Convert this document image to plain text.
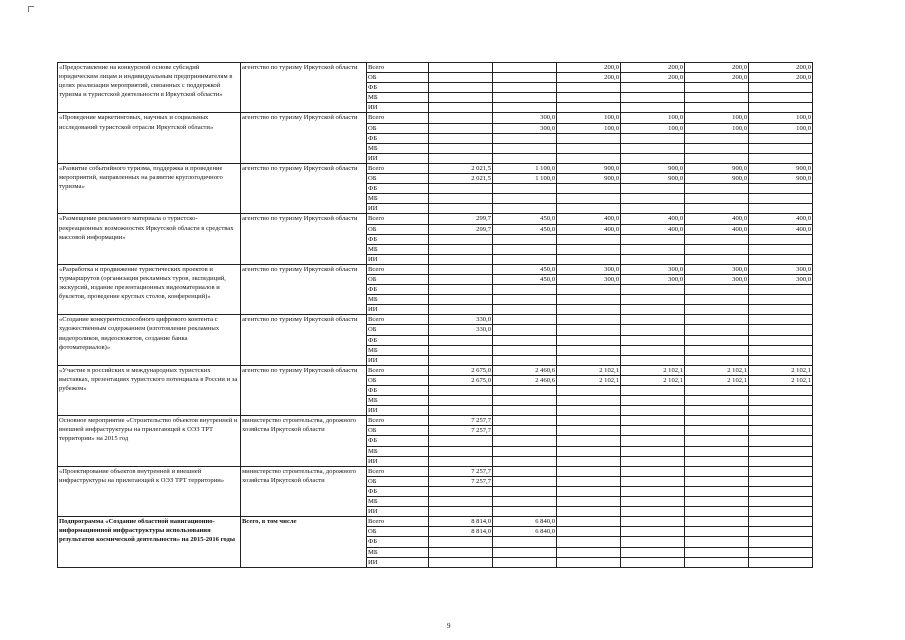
«Предоставление на конкурсной основе субсидий юридическим лицам и индивидуальным предпринимателям в целях реализации мероприятий, связанных с поддержкой туризма и туристской деятельности в Иркутской области»	агентство по туризму Иркутской области	Всего			200,0	200,0	200,0	200,0
		ОБ			200,0	200,0	200,0	200,0
		ФБ						
		МБ						
		ИИ						
«Проведение маркетинговых, научных и социальных исследований туристской отрасли Иркутской области»	агентство по туризму Иркутской области	Всего		300,0	100,0	100,0	100,0	100,0
		ОБ		300,0	100,0	100,0	100,0	100,0
		ФБ						
		МБ						
		ИИ						
«Развитие событийного туризма, поддержка и проведение мероприятий, направленных на развитие круглогодичного туризма»	агентство по туризму Иркутской области	Всего	2 021,5	1 100,0	900,0	900,0	900,0	900,0
		ОБ	2 021,5	1 100,0	900,0	900,0	900,0	900,0
		ФБ						
		МБ						
		ИИ						
«Размещение рекламного материала о туристско-рекреационных возможностях Иркутской области в средствах массовой информации»	агентство по туризму Иркутской области	Всего	299,7	450,0	400,0	400,0	400,0	400,0
		ОБ	299,7	450,0	400,0	400,0	400,0	400,0
		ФБ						
		МБ						
		ИИ						
«Разработка и продвижение туристических проектов и турмаршрутов (организация рекламных туров, экспедиций, экскурсий, издание презентационных видеоматериалов и буклетов, проведение круглых столов, конференций)»	агентство по туризму Иркутской области	Всего		450,0	300,0	300,0	300,0	300,0
		ОБ		450,0	300,0	300,0	300,0	300,0
		ФБ						
		МБ						
		ИИ						
«Создание конкурентоспособного цифрового контента с художественным содержанием (изготовление рекламных видеороликов, видеосюжетов, создание банка фотоматериалов)»	агентство по туризму Иркутской области	Всего	330,0					
		ОБ	330,0					
		ФБ						
		МБ						
		ИИ						
«Участие в российских и международных туристских выставках, презентациях туристского потенциала в России и за рубежом»	агентство по туризму Иркутской области	Всего	2 675,0	2 460,6	2 102,1	2 102,1	2 102,1	2 102,1
		ОБ	2 675,0	2 460,6	2 102,1	2 102,1	2 102,1	2 102,1
		ФБ						
		МБ						
		ИИ						
Основное мероприятие «Строительство объектов внутренней и внешней инфраструктуры на прилегающей к ОЭЗ ТРТ территории» на 2015 год	министерство строительства, дорожного хозяйства Иркутской области	Всего	7 257,7					
		ОБ	7 257,7					
		ФБ						
		МБ						
		ИИ						
«Проектирование объектов внутренней и внешней инфраструктуры на прилегающей к ОЭЗ ТРТ территории»	министерство строительства, дорожного хозяйства Иркутской области	Всего	7 257,7					
		ОБ	7 257,7					
		ФБ						
		МБ						
		ИИ						
Подпрограмма «Создание областной навигационно-информационной инфраструктуры использования результатов космической деятельности» на 2015-2016 годы	Всего, в том числе	Всего	8 814,0	6 840,0				
		ОБ	8 814,0	6 840,0				
		ФБ						
		МБ						
		ИИ						
9
